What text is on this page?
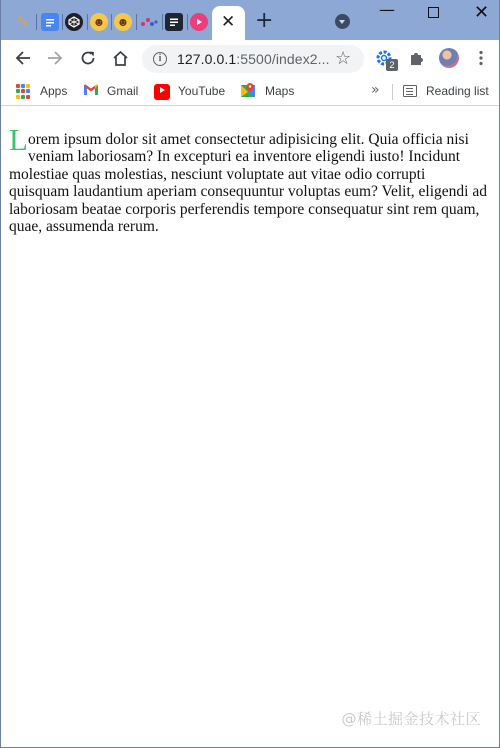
✎	☻ ☻	✕ +	—	✕
i	127.0.0.1:5500/index2... ☆	2
Apps	Gmail	YouTube	Maps	»	Reading list

Lorem ipsum dolor sit amet consectetur adipisicing elit. Quia officia nisi veniam laboriosam? In excepturi ea inventore eligendi iusto! Incidunt molestiae quas molestias, nesciunt voluptate aut vitae odio corrupti quisquam laudantium aperiam consequuntur voluptas eum? Velit, eligendi ad laboriosam beatae corporis perferendis tempore consequatur sint rem quam, quae, assumenda rerum.

@稀土掘金技术社区
